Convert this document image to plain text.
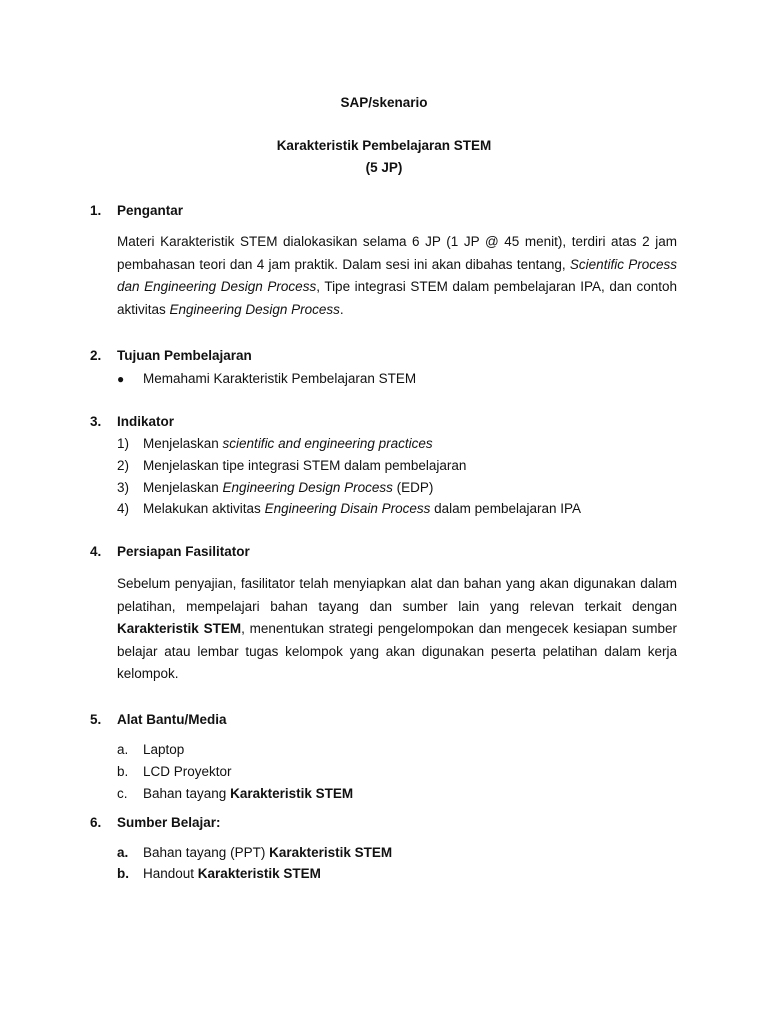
SAP/skenario
Karakteristik Pembelajaran STEM
(5 JP)
1. Pengantar
Materi Karakteristik STEM dialokasikan selama 6 JP (1 JP @ 45 menit), terdiri atas 2 jam pembahasan teori dan 4 jam praktik. Dalam sesi ini akan dibahas tentang, Scientific Process dan Engineering Design Process, Tipe integrasi STEM dalam pembelajaran IPA, dan contoh aktivitas Engineering Design Process.
2. Tujuan Pembelajaran
● Memahami Karakteristik Pembelajaran STEM
3. Indikator
1) Menjelaskan scientific and engineering practices
2) Menjelaskan tipe integrasi STEM dalam pembelajaran
3) Menjelaskan Engineering Design Process (EDP)
4) Melakukan aktivitas Engineering Disain Process dalam pembelajaran IPA
4. Persiapan Fasilitator
Sebelum penyajian, fasilitator telah menyiapkan alat dan bahan yang akan digunakan dalam pelatihan, mempelajari bahan tayang dan sumber lain yang relevan terkait dengan Karakteristik STEM, menentukan strategi pengelompokan dan mengecek kesiapan sumber belajar atau lembar tugas kelompok yang akan digunakan peserta pelatihan dalam kerja kelompok.
5. Alat Bantu/Media
a. Laptop
b. LCD Proyektor
c. Bahan tayang Karakteristik STEM
6. Sumber Belajar:
a. Bahan tayang (PPT) Karakteristik STEM
b. Handout Karakteristik STEM
